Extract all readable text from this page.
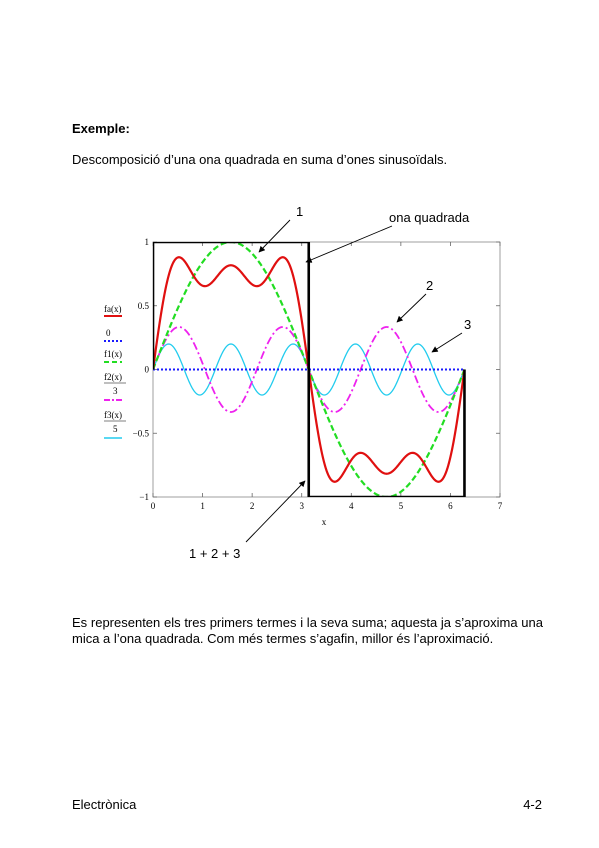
Exemple:
Descomposició d’una ona quadrada en suma d’ones sinusoïdals.
0	1	2	3	4	5	6	7
1
0.5
0
−0.5
−1
x
fa(x)
0
f1(x)
f2(x)
3
f3(x)
5
1	ona quadrada
2
3
1 + 2 + 3
Es representen els tres primers termes i la seva suma; aquesta ja s’aproxima una mica a l’ona quadrada. Com més termes s’agafin, millor és l’aproximació.
Electrònica	4-2
